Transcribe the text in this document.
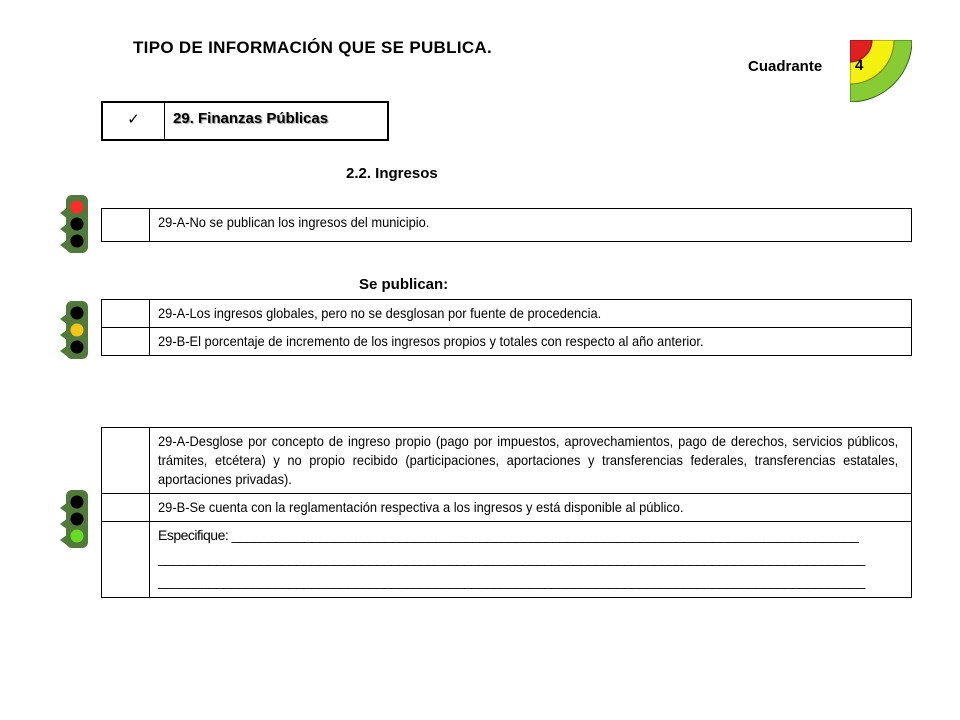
TIPO DE INFORMACIÓN QUE SE PUBLICA.
Cuadrante 4
✓	29. Finanzas Públicas
2.2. Ingresos
	29-A-No se publican los ingresos del municipio.
Se publican:
	29-A-Los ingresos globales, pero no se desglosan por fuente de procedencia.
	29-B-El porcentaje de incremento de los ingresos propios y totales con respecto al año anterior.
	29-A-Desglose por concepto de ingreso propio (pago por impuestos, aprovechamientos, pago de derechos, servicios públicos, trámites, etcétera) y no propio recibido (participaciones, aportaciones y transferencias federales, transferencias estatales, aportaciones privadas).
	29-B-Se cuenta con la reglamentación respectiva a los ingresos y está disponible al público.

	Especifique: ______________________________________________________________________________________
_________________________________________________________________________________________________
_________________________________________________________________________________________________
